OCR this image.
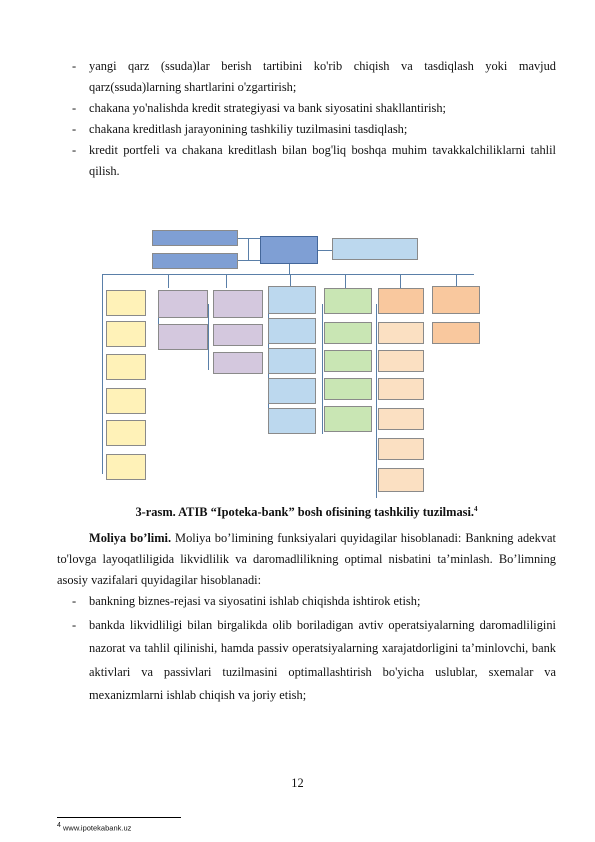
- yangi qarz (ssuda)lar berish tartibini ko'rib chiqish va tasdiqlash yoki mavjud qarz(ssuda)larning shartlarini o'zgartirish;
- chakana yo'nalishda kredit strategiyasi va bank siyosatini shakllantirish;
- chakana kreditlash jarayonining tashkiliy tuzilmasini tasdiqlash;
- kredit portfeli va chakana kreditlash bilan bog'liq boshqa muhim tavakkalchiliklarni tahlil qilish.
3-rasm. ATIB “Ipoteka-bank” bosh ofisining tashkiliy tuzilmasi.$^4$
Moliya bo’limi. Moliya bo’limining funksiyalari quyidagilar hisoblanadi: Bankning adekvat to'lovga layoqatliligida likvidlilik va daromadlilikning optimal nisbatini ta’minlash. Bo’limning asosiy vazifalari quyidagilar hisoblanadi:
- bankning biznes-rejasi va siyosatini ishlab chiqishda ishtirok etish;
- bankda likvidliligi bilan birgalikda olib boriladigan avtiv operatsiyalarning daromadliligini nazorat va tahlil qilinishi, hamda passiv operatsiyalarning xarajatdorligini ta’minlovchi, bank aktivlari va passivlari tuzilmasini optimallashtirish bo'yicha uslublar, sxemalar va mexanizmlarni ishlab chiqish va joriy etish;
$^4$ www.ipotekabank.uz
12
